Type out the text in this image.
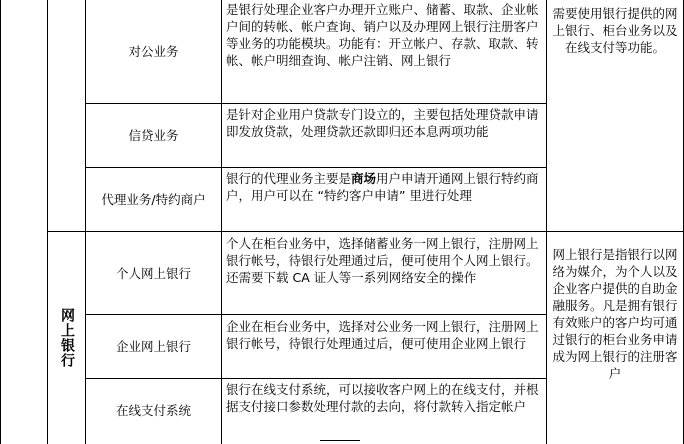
网上银行
对公业务
是银行处理企业客户办理开立账户、储蓄、取款、企业帐户间的转帐、帐户查询、销户以及办理网上银行注册客户等业务的功能模块。功能有：开立帐户、存款、取款、转帐、帐户明细查询、帐户注销、网上银行
信贷业务
是针对企业用户贷款专门设立的，主要包括处理贷款申请即发放贷款，处理贷款还款即归还本息两项功能
代理业务/特约商户
银行的代理业务主要是商场用户申请开通网上银行特约商户，用户可以在 “特约客户申请” 里进行处理
个人网上银行
个人在柜台业务中，选择储蓄业务一网上银行，注册网上银行帐号，待银行处理通过后，便可使用个人网上银行。还需要下载 CA 证人等一系列网络安全的操作
企业网上银行
企业在柜台业务中，选择对公业务一网上银行，注册网上银行帐号，待银行处理通过后，便可使用企业网上银行
在线支付系统
银行在线支付系统，可以接收客户网上的在线支付，并根据支付接口参数处理付款的去向，将付款转入指定帐户
需要使用银行提供的网上银行、柜台业务以及在线支付等功能。
网上银行是指银行以网络为媒介，为个人以及企业客户提供的自助金融服务。凡是拥有银行有效账户的客户均可通过银行的柜台业务申请成为网上银行的注册客户
